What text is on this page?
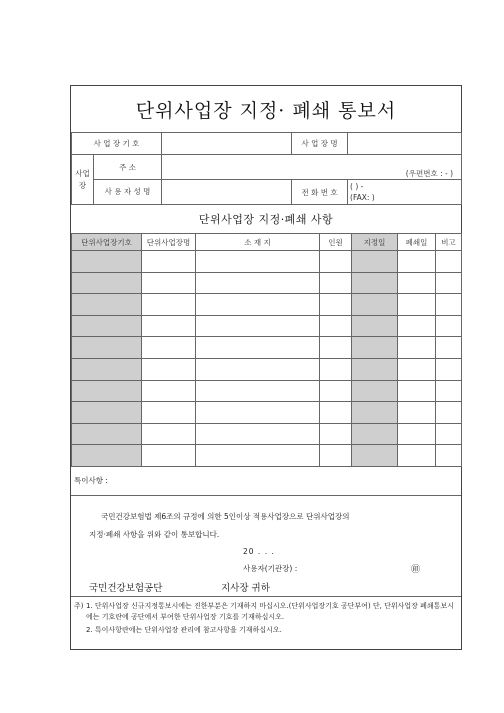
단위사업장 지정· 폐쇄 통보서
사 업 장 기 호			사 업 장 명	
사업장	주 소	(우편번호 : - )		
	사 용 자 성 명		전 화 번 호	( ) -
(FAX: )
단위사업장 지정·폐쇄 사항
단위사업장기호	단위사업장명	소 재 지	인원	지정일	폐쇄일	비고

특이사항 :
국민건강보험법 제6조의 규정에 의한 5인이상 적용사업장으로 단위사업장의
지정·폐쇄 사항을 위와 같이 통보합니다.
20 . . .
사용자(기관장) :	㊞
국민건강보험공단	지사장 귀하
주) 1. 단위사업장 신규지정통보시에는 진한부분은 기재하지 마십시오.(단위사업장기호 공단부여) 단, 단위사업장 폐쇄통보시에는 기호란에 공단에서 부여한 단위사업장 기호를 기재하십시오.
2. 특이사항란에는 단위사업장 관리에 참고사항을 기재하십시오.
